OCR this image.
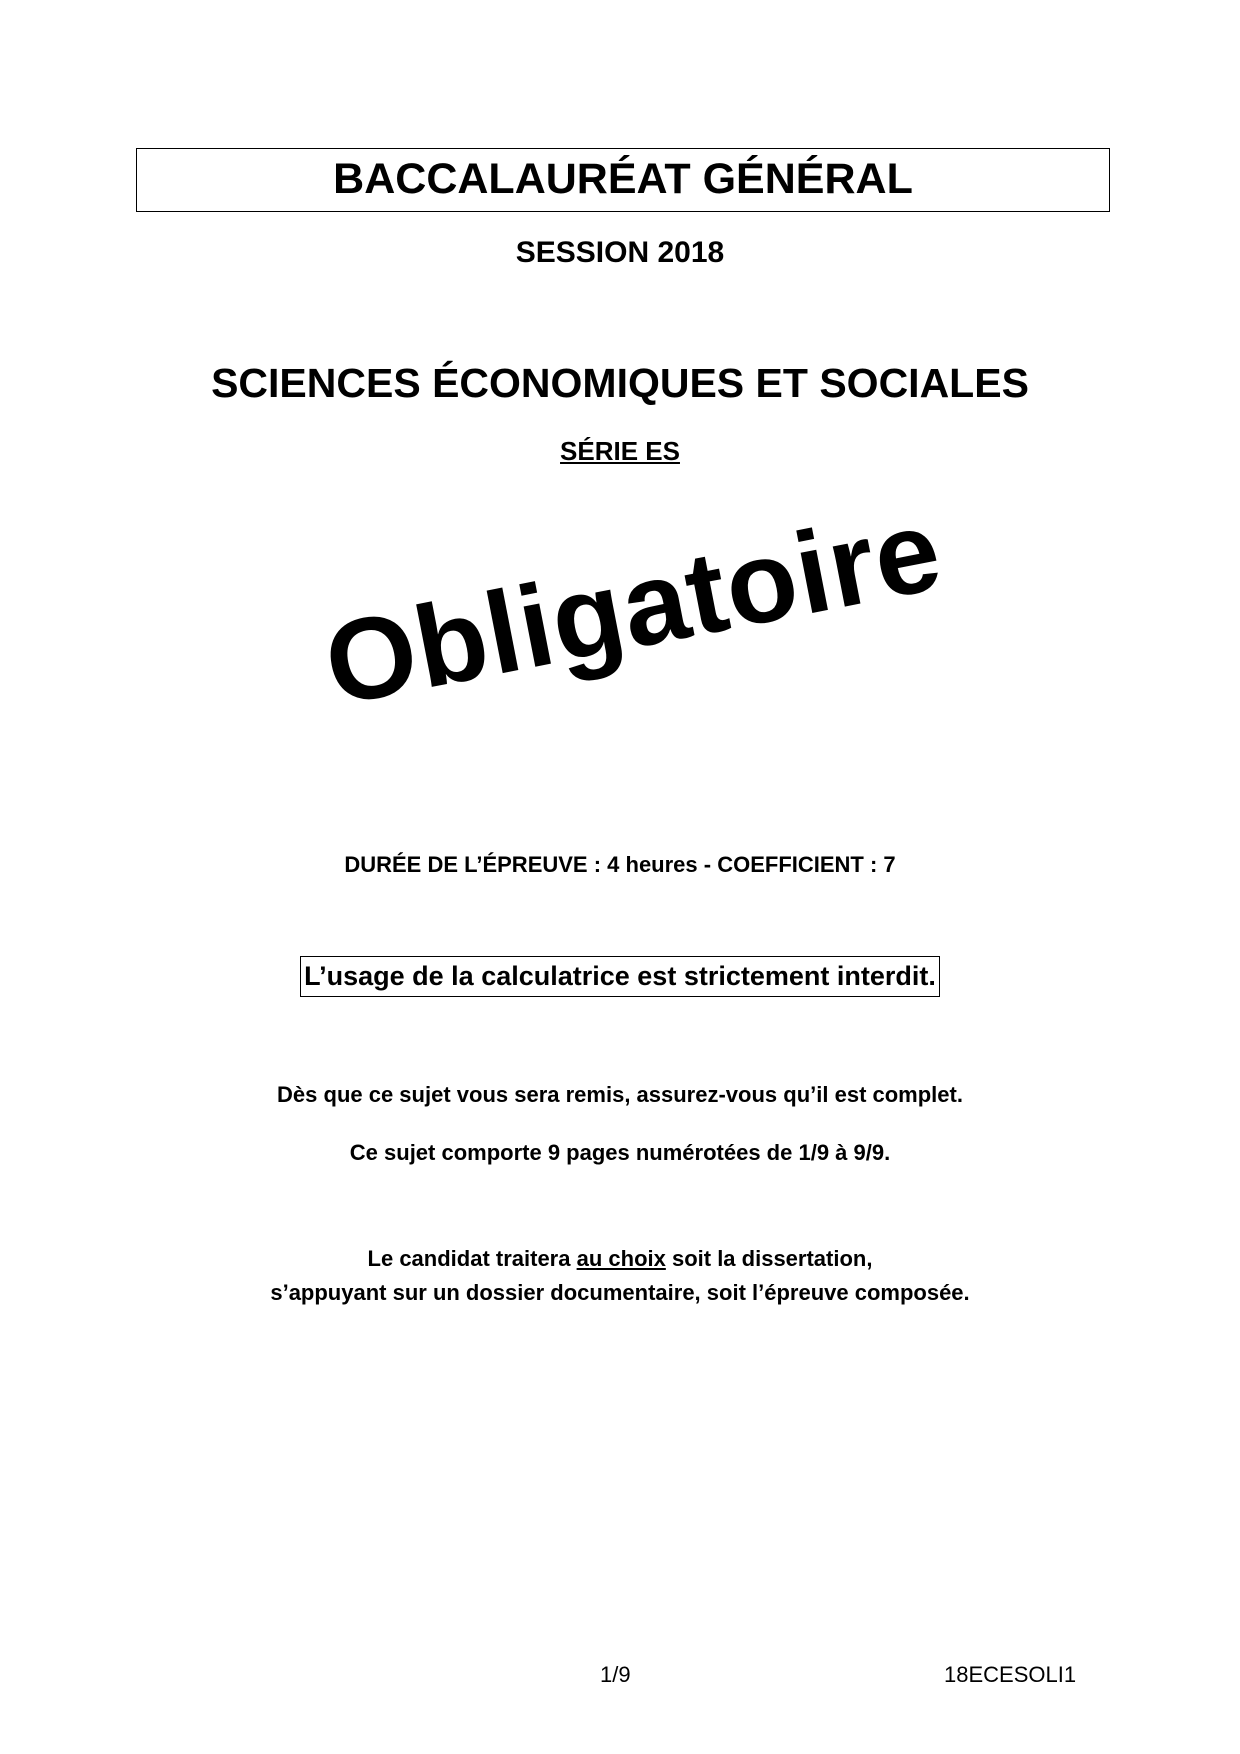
BACCALAURÉAT GÉNÉRAL

SESSION 2018

SCIENCES ÉCONOMIQUES ET SOCIALES

SÉRIE ES

Obligatoire

DURÉE DE L’ÉPREUVE : 4 heures - COEFFICIENT : 7

L’usage de la calculatrice est strictement interdit.

Dès que ce sujet vous sera remis, assurez-vous qu’il est complet.

Ce sujet comporte 9 pages numérotées de 1/9 à 9/9.

Le candidat traitera au choix soit la dissertation,

s’appuyant sur un dossier documentaire, soit l’épreuve composée.

1/9	18ECESOLI1
